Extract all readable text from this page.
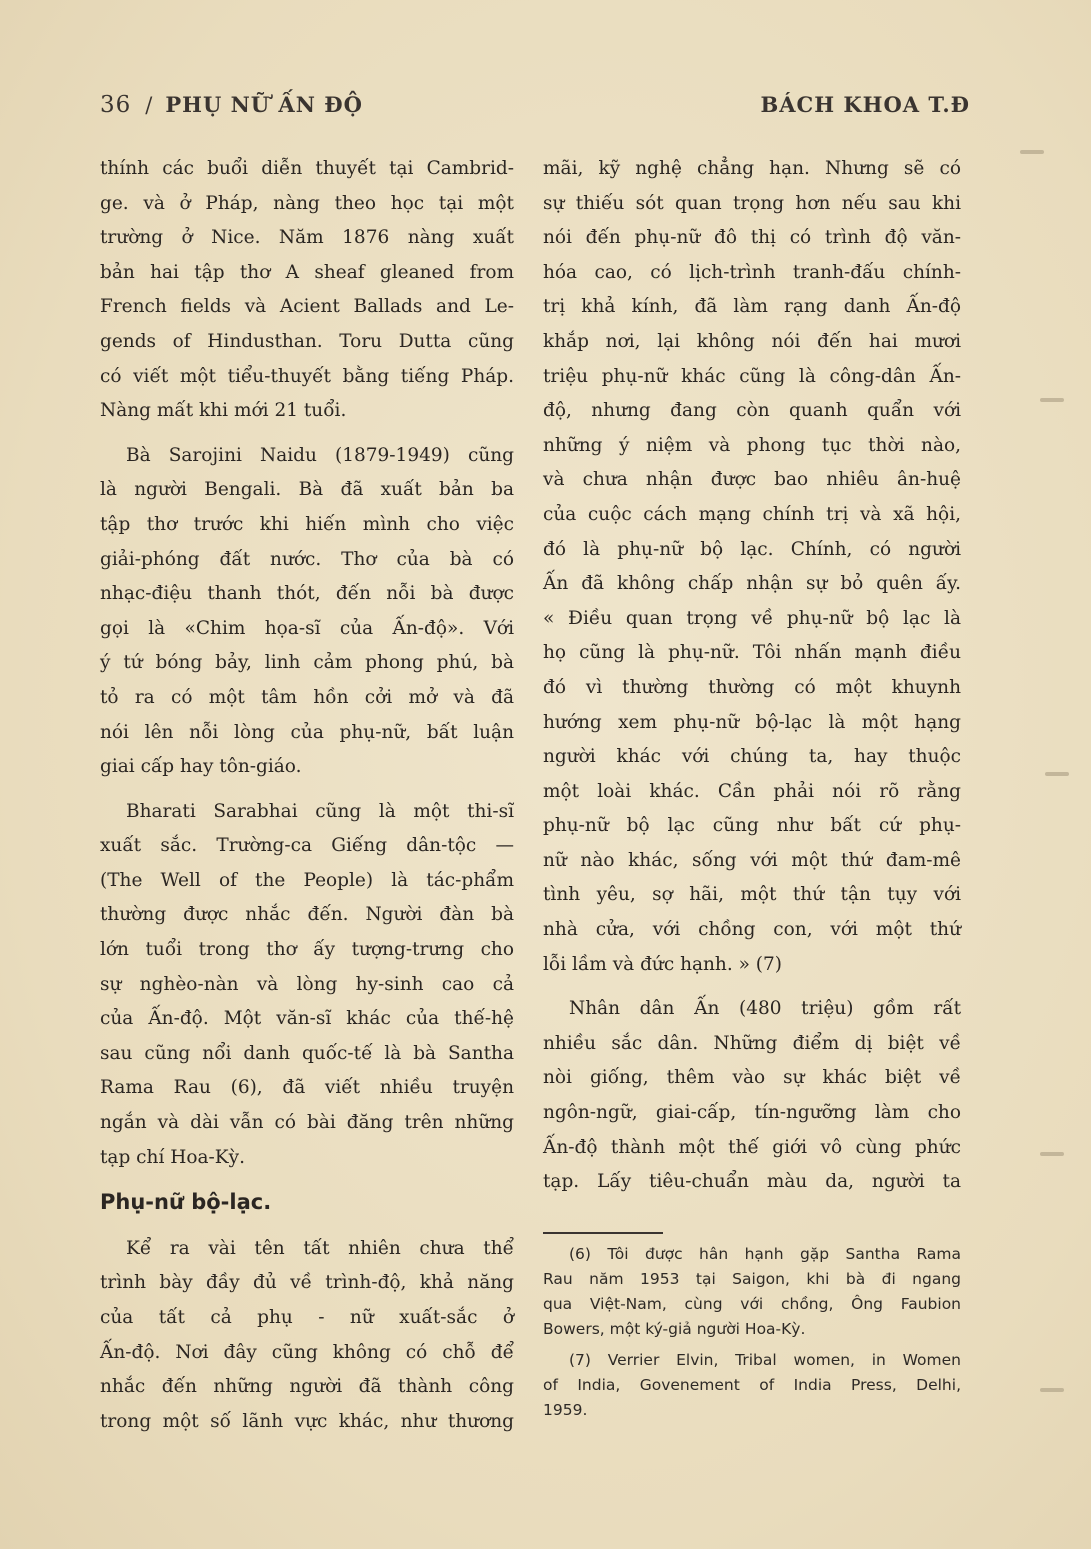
36 / PHỤ NỮ ẤN ĐỘ	BÁCH KHOA T.Đ
thính các buổi diễn thuyết tại Cambrid-
ge. và ở Pháp, nàng theo học tại một
trường ở Nice. Năm 1876 nàng xuất
bản hai tập thơ A sheaf gleaned from
French fields và Acient Ballads and Le-
gends of Hindusthan. Toru Dutta cũng
có viết một tiểu-thuyết bằng tiếng Pháp.
Nàng mất khi mới 21 tuổi.
Bà Sarojini Naidu (1879-1949) cũng
là người Bengali. Bà đã xuất bản ba
tập thơ trước khi hiến mình cho việc
giải-phóng đất nước. Thơ của bà có
nhạc-điệu thanh thót, đến nỗi bà được
gọi là «Chim họa-sĩ của Ấn-độ». Với
ý tứ bóng bảy, linh cảm phong phú, bà
tỏ ra có một tâm hồn cởi mở và đã
nói lên nỗi lòng của phụ-nữ, bất luận
giai cấp hay tôn-giáo.
Bharati Sarabhai cũng là một thi-sĩ
xuất sắc. Trường-ca Giếng dân-tộc —
(The Well of the People) là tác-phẩm
thường được nhắc đến. Người đàn bà
lớn tuổi trong thơ ấy tượng-trưng cho
sự nghèo-nàn và lòng hy-sinh cao cả
của Ấn-độ. Một văn-sĩ khác của thế-hệ
sau cũng nổi danh quốc-tế là bà Santha
Rama Rau (6), đã viết nhiều truyện
ngắn và dài vẫn có bài đăng trên những
tạp chí Hoa-Kỳ.
Phụ-nữ bộ-lạc.
Kể ra vài tên tất nhiên chưa thể
trình bày đầy đủ về trình-độ, khả năng
của tất cả phụ - nữ xuất-sắc ở
Ấn-độ. Nơi đây cũng không có chỗ để
nhắc đến những người đã thành công
trong một số lãnh vực khác, như thương
mãi, kỹ nghệ chẳng hạn. Nhưng sẽ có
sự thiếu sót quan trọng hơn nếu sau khi
nói đến phụ-nữ đô thị có trình độ văn-
hóa cao, có lịch-trình tranh-đấu chính-
trị khả kính, đã làm rạng danh Ấn-độ
khắp nơi, lại không nói đến hai mươi
triệu phụ-nữ khác cũng là công-dân Ấn-
độ, nhưng đang còn quanh quẩn với
những ý niệm và phong tục thời nào,
và chưa nhận được bao nhiêu ân-huệ
của cuộc cách mạng chính trị và xã hội,
đó là phụ-nữ bộ lạc. Chính, có người
Ấn đã không chấp nhận sự bỏ quên ấy.
« Điều quan trọng về phụ-nữ bộ lạc là
họ cũng là phụ-nữ. Tôi nhấn mạnh điều
đó vì thường thường có một khuynh
hướng xem phụ-nữ bộ-lạc là một hạng
người khác với chúng ta, hay thuộc
một loài khác. Cần phải nói rõ rằng
phụ-nữ bộ lạc cũng như bất cứ phụ-
nữ nào khác, sống với một thứ đam-mê
tình yêu, sợ hãi, một thứ tận tụy với
nhà cửa, với chồng con, với một thứ
lỗi lầm và đức hạnh. » (7)
Nhân dân Ấn (480 triệu) gồm rất
nhiều sắc dân. Những điểm dị biệt về
nòi giống, thêm vào sự khác biệt về
ngôn-ngữ, giai-cấp, tín-ngưỡng làm cho
Ấn-độ thành một thế giới vô cùng phức
tạp. Lấy tiêu-chuẩn màu da, người ta
(6) Tôi được hân hạnh gặp Santha Rama
Rau năm 1953 tại Saigon, khi bà đi ngang
qua Việt-Nam, cùng với chồng, Ông Faubion
Bowers, một ký-giả người Hoa-Kỳ.
(7) Verrier Elvin, Tribal women, in Women
of India, Govenement of India Press, Delhi,
1959.
